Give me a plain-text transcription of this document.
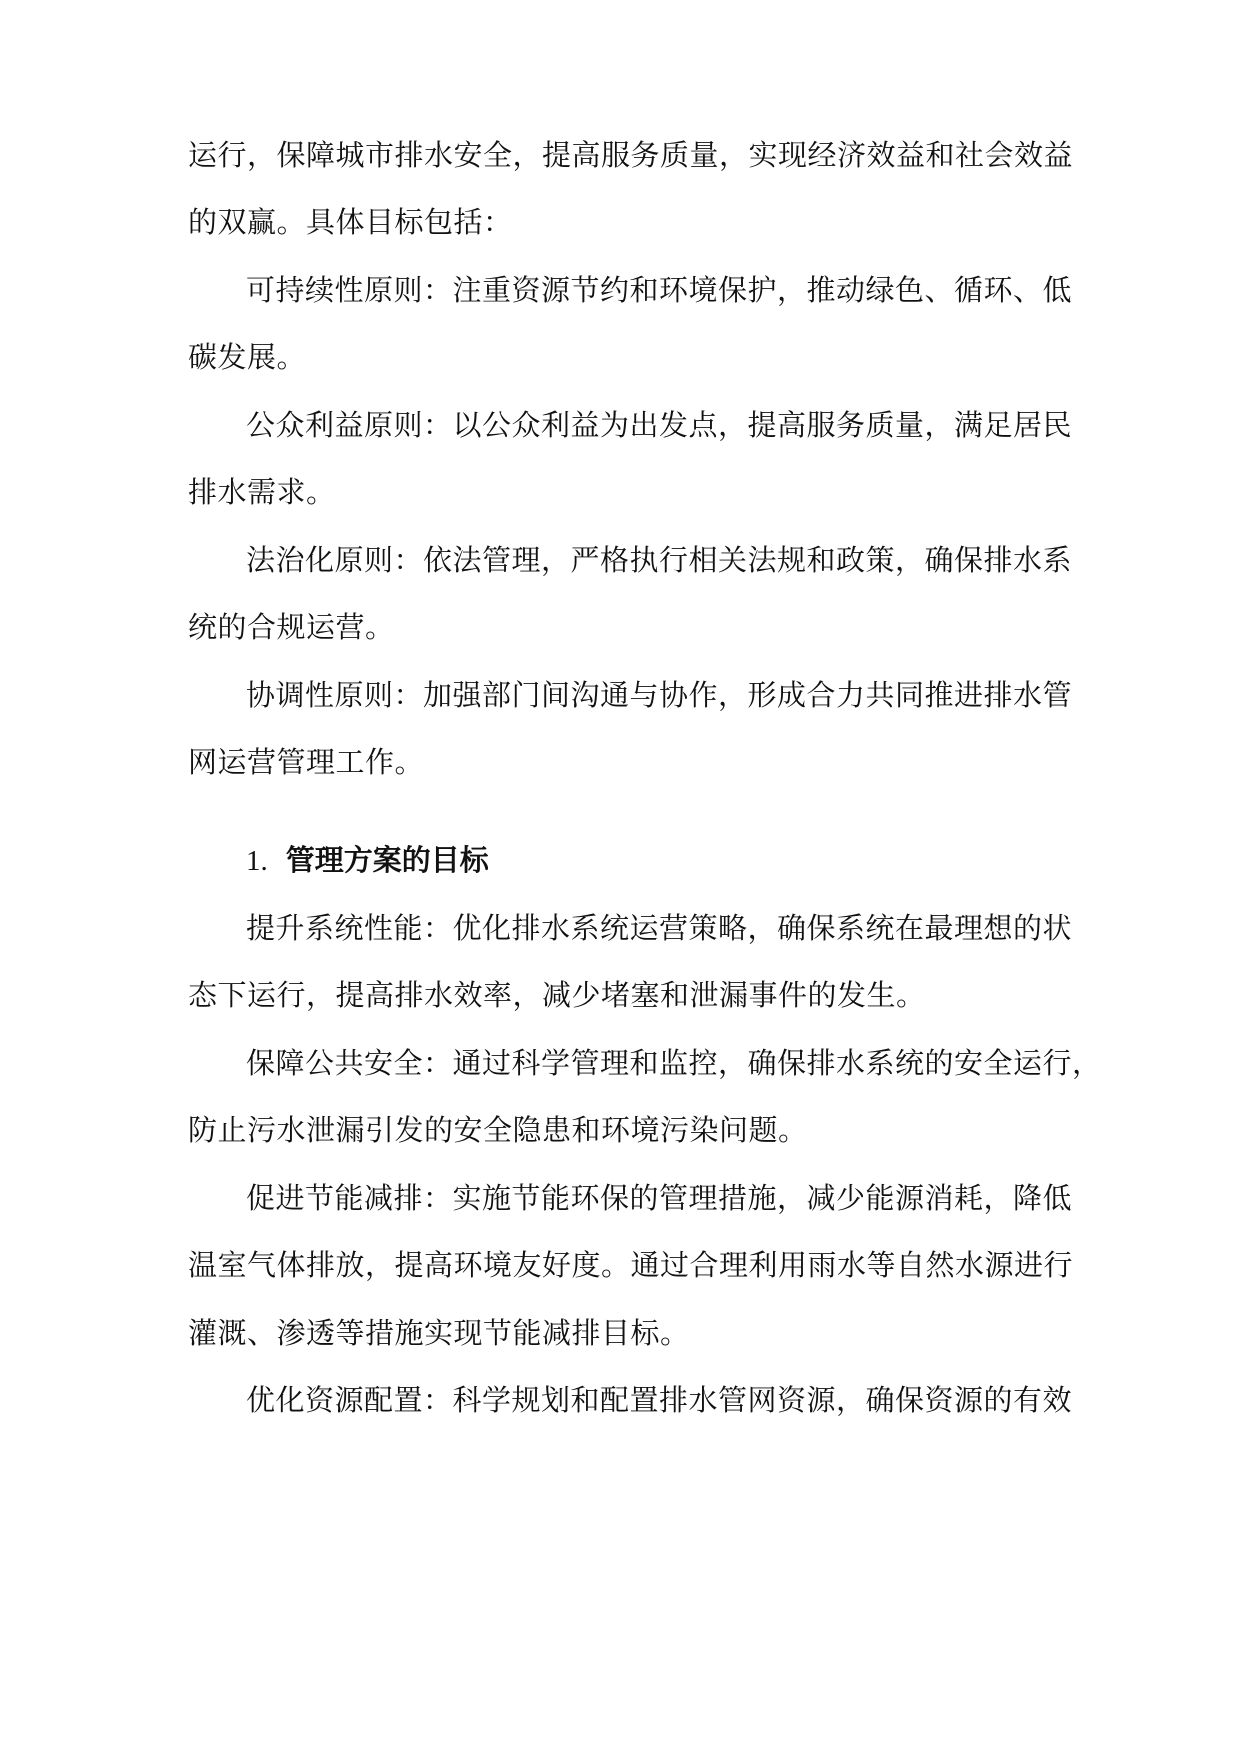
运行，保障城市排水安全，提高服务质量，实现经济效益和社会效益
的双赢。具体目标包括：
可持续性原则：注重资源节约和环境保护，推动绿色、循环、低
碳发展。
公众利益原则：以公众利益为出发点，提高服务质量，满足居民
排水需求。
法治化原则：依法管理，严格执行相关法规和政策，确保排水系
统的合规运营。
协调性原则：加强部门间沟通与协作，形成合力共同推进排水管
网运营管理工作。
1. 管理方案的目标
提升系统性能：优化排水系统运营策略，确保系统在最理想的状
态下运行，提高排水效率，减少堵塞和泄漏事件的发生。
保障公共安全：通过科学管理和监控，确保排水系统的安全运行，
防止污水泄漏引发的安全隐患和环境污染问题。
促进节能减排：实施节能环保的管理措施，减少能源消耗，降低
温室气体排放，提高环境友好度。通过合理利用雨水等自然水源进行
灌溉、渗透等措施实现节能减排目标。
优化资源配置：科学规划和配置排水管网资源，确保资源的有效
